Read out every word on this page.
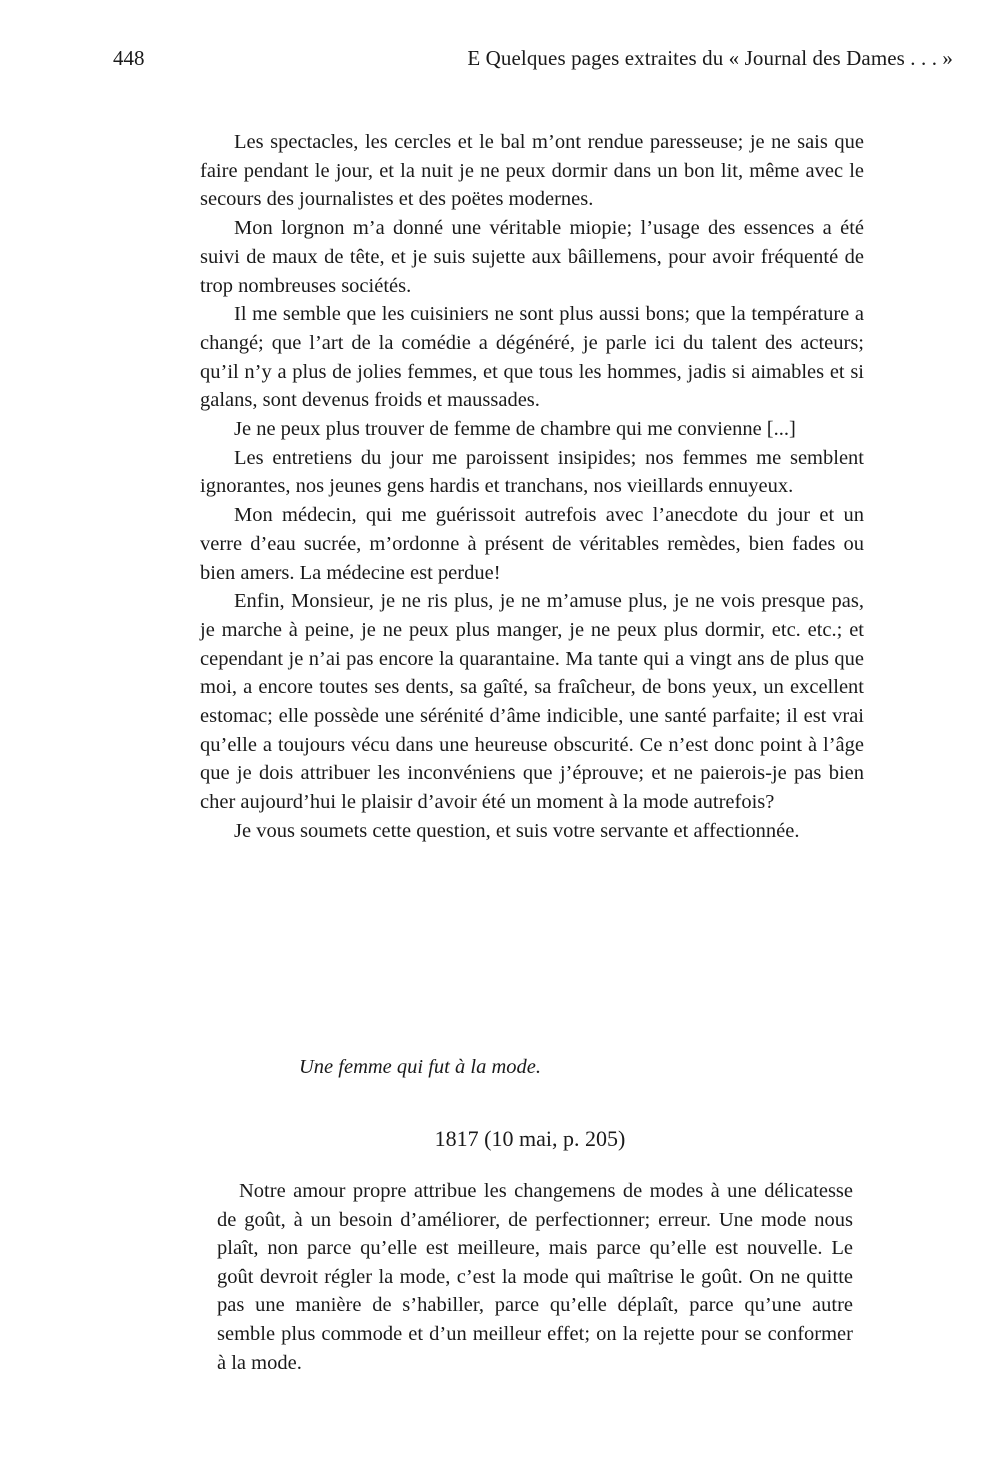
448	E Quelques pages extraites du « Journal des Dames . . . »

Les spectacles, les cercles et le bal m’ont rendue paresseuse; je ne sais que faire pendant le jour, et la nuit je ne peux dormir dans un bon lit, même avec le secours des journalistes et des poëtes modernes.

Mon lorgnon m’a donné une véritable miopie; l’usage des essences a été suivi de maux de tête, et je suis sujette aux bâillemens, pour avoir fréquenté de trop nombreuses sociétés.

Il me semble que les cuisiniers ne sont plus aussi bons; que la température a changé; que l’art de la comédie a dégénéré, je parle ici du talent des acteurs; qu’il n’y a plus de jolies femmes, et que tous les hommes, jadis si aimables et si galans, sont devenus froids et maussades.

Je ne peux plus trouver de femme de chambre qui me convienne [...]

Les entretiens du jour me paroissent insipides; nos femmes me semblent ignorantes, nos jeunes gens hardis et tranchans, nos vieillards ennuyeux.

Mon médecin, qui me guérissoit autrefois avec l’anecdote du jour et un verre d’eau sucrée, m’ordonne à présent de véritables remèdes, bien fades ou bien amers. La médecine est perdue!

Enfin, Monsieur, je ne ris plus, je ne m’amuse plus, je ne vois presque pas, je marche à peine, je ne peux plus manger, je ne peux plus dormir, etc. etc.; et cependant je n’ai pas encore la quarantaine. Ma tante qui a vingt ans de plus que moi, a encore toutes ses dents, sa gaîté, sa fraîcheur, de bons yeux, un excellent estomac; elle possède une sérénité d’âme indicible, une santé parfaite; il est vrai qu’elle a toujours vécu dans une heureuse obscurité. Ce n’est donc point à l’âge que je dois attribuer les inconvéniens que j’éprouve; et ne paierois-je pas bien cher aujourd’hui le plaisir d’avoir été un moment à la mode autrefois?

Je vous soumets cette question, et suis votre servante et affectionnée.

Une femme qui fut à la mode.
1817 (10 mai, p. 205)

Notre amour propre attribue les changemens de modes à une délicatesse de goût, à un besoin d’améliorer, de perfectionner; erreur. Une mode nous plaît, non parce qu’elle est meilleure, mais parce qu’elle est nouvelle. Le goût devroit régler la mode, c’est la mode qui maîtrise le goût. On ne quitte pas une manière de s’habiller, parce qu’elle déplaît, parce qu’une autre semble plus commode et d’un meilleur effet; on la rejette pour se conformer à la mode.
